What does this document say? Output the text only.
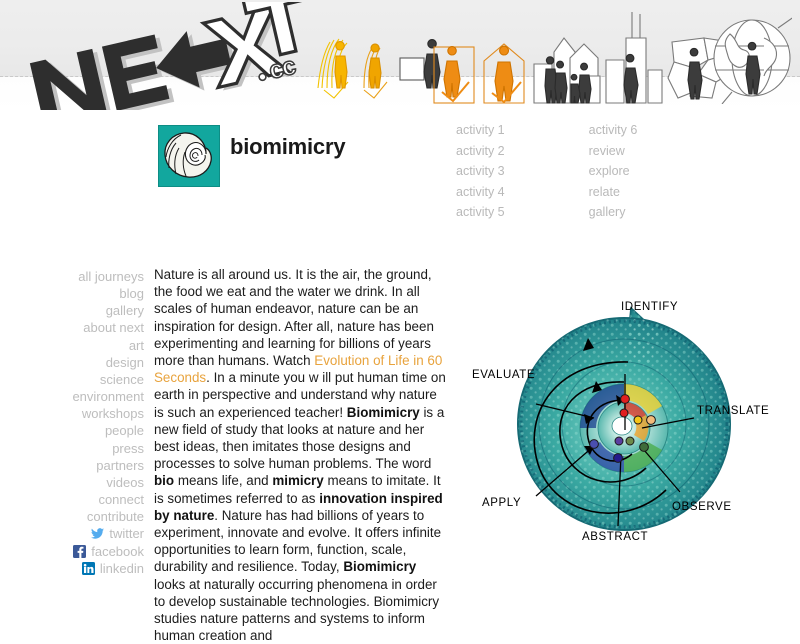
cc
biomimicry
activity 1
activity 2
activity 3
activity 4
activity 5
activity 6
review
explore
relate
gallery
all journeys
blog
gallery
about next
art
design
science
environment
workshops
people
press
partners
videos
connect
contribute
twitter
facebook
linkedin
Nature is all around us. It is the air, the ground, the food we eat and the water we drink. In all scales of human endeavor, nature can be an inspiration for design. After all, nature has been experimenting and learning for billions of years more than humans. Watch Evolution of Life in 60 Seconds. In a minute you w ill put human time on earth in perspective and understand why nature is such an experienced teacher! Biomimicry is a new field of study that looks at nature and her best ideas, then imitates those designs and processes to solve human problems. The word bio means life, and mimicry means to imitate. It is sometimes referred to as innovation inspired by nature. Nature has had billions of years to experiment, innovate and evolve. It offers infinite opportunities to learn form, function, scale, durability and resilience. Today, Biomimicry looks at naturally occurring phenomena in order to develop sustainable technologies. Biomimicry studies nature patterns and systems to inform human creation and
IDENTIFY
TRANSLATE
OBSERVE
ABSTRACT
APPLY
EVALUATE
